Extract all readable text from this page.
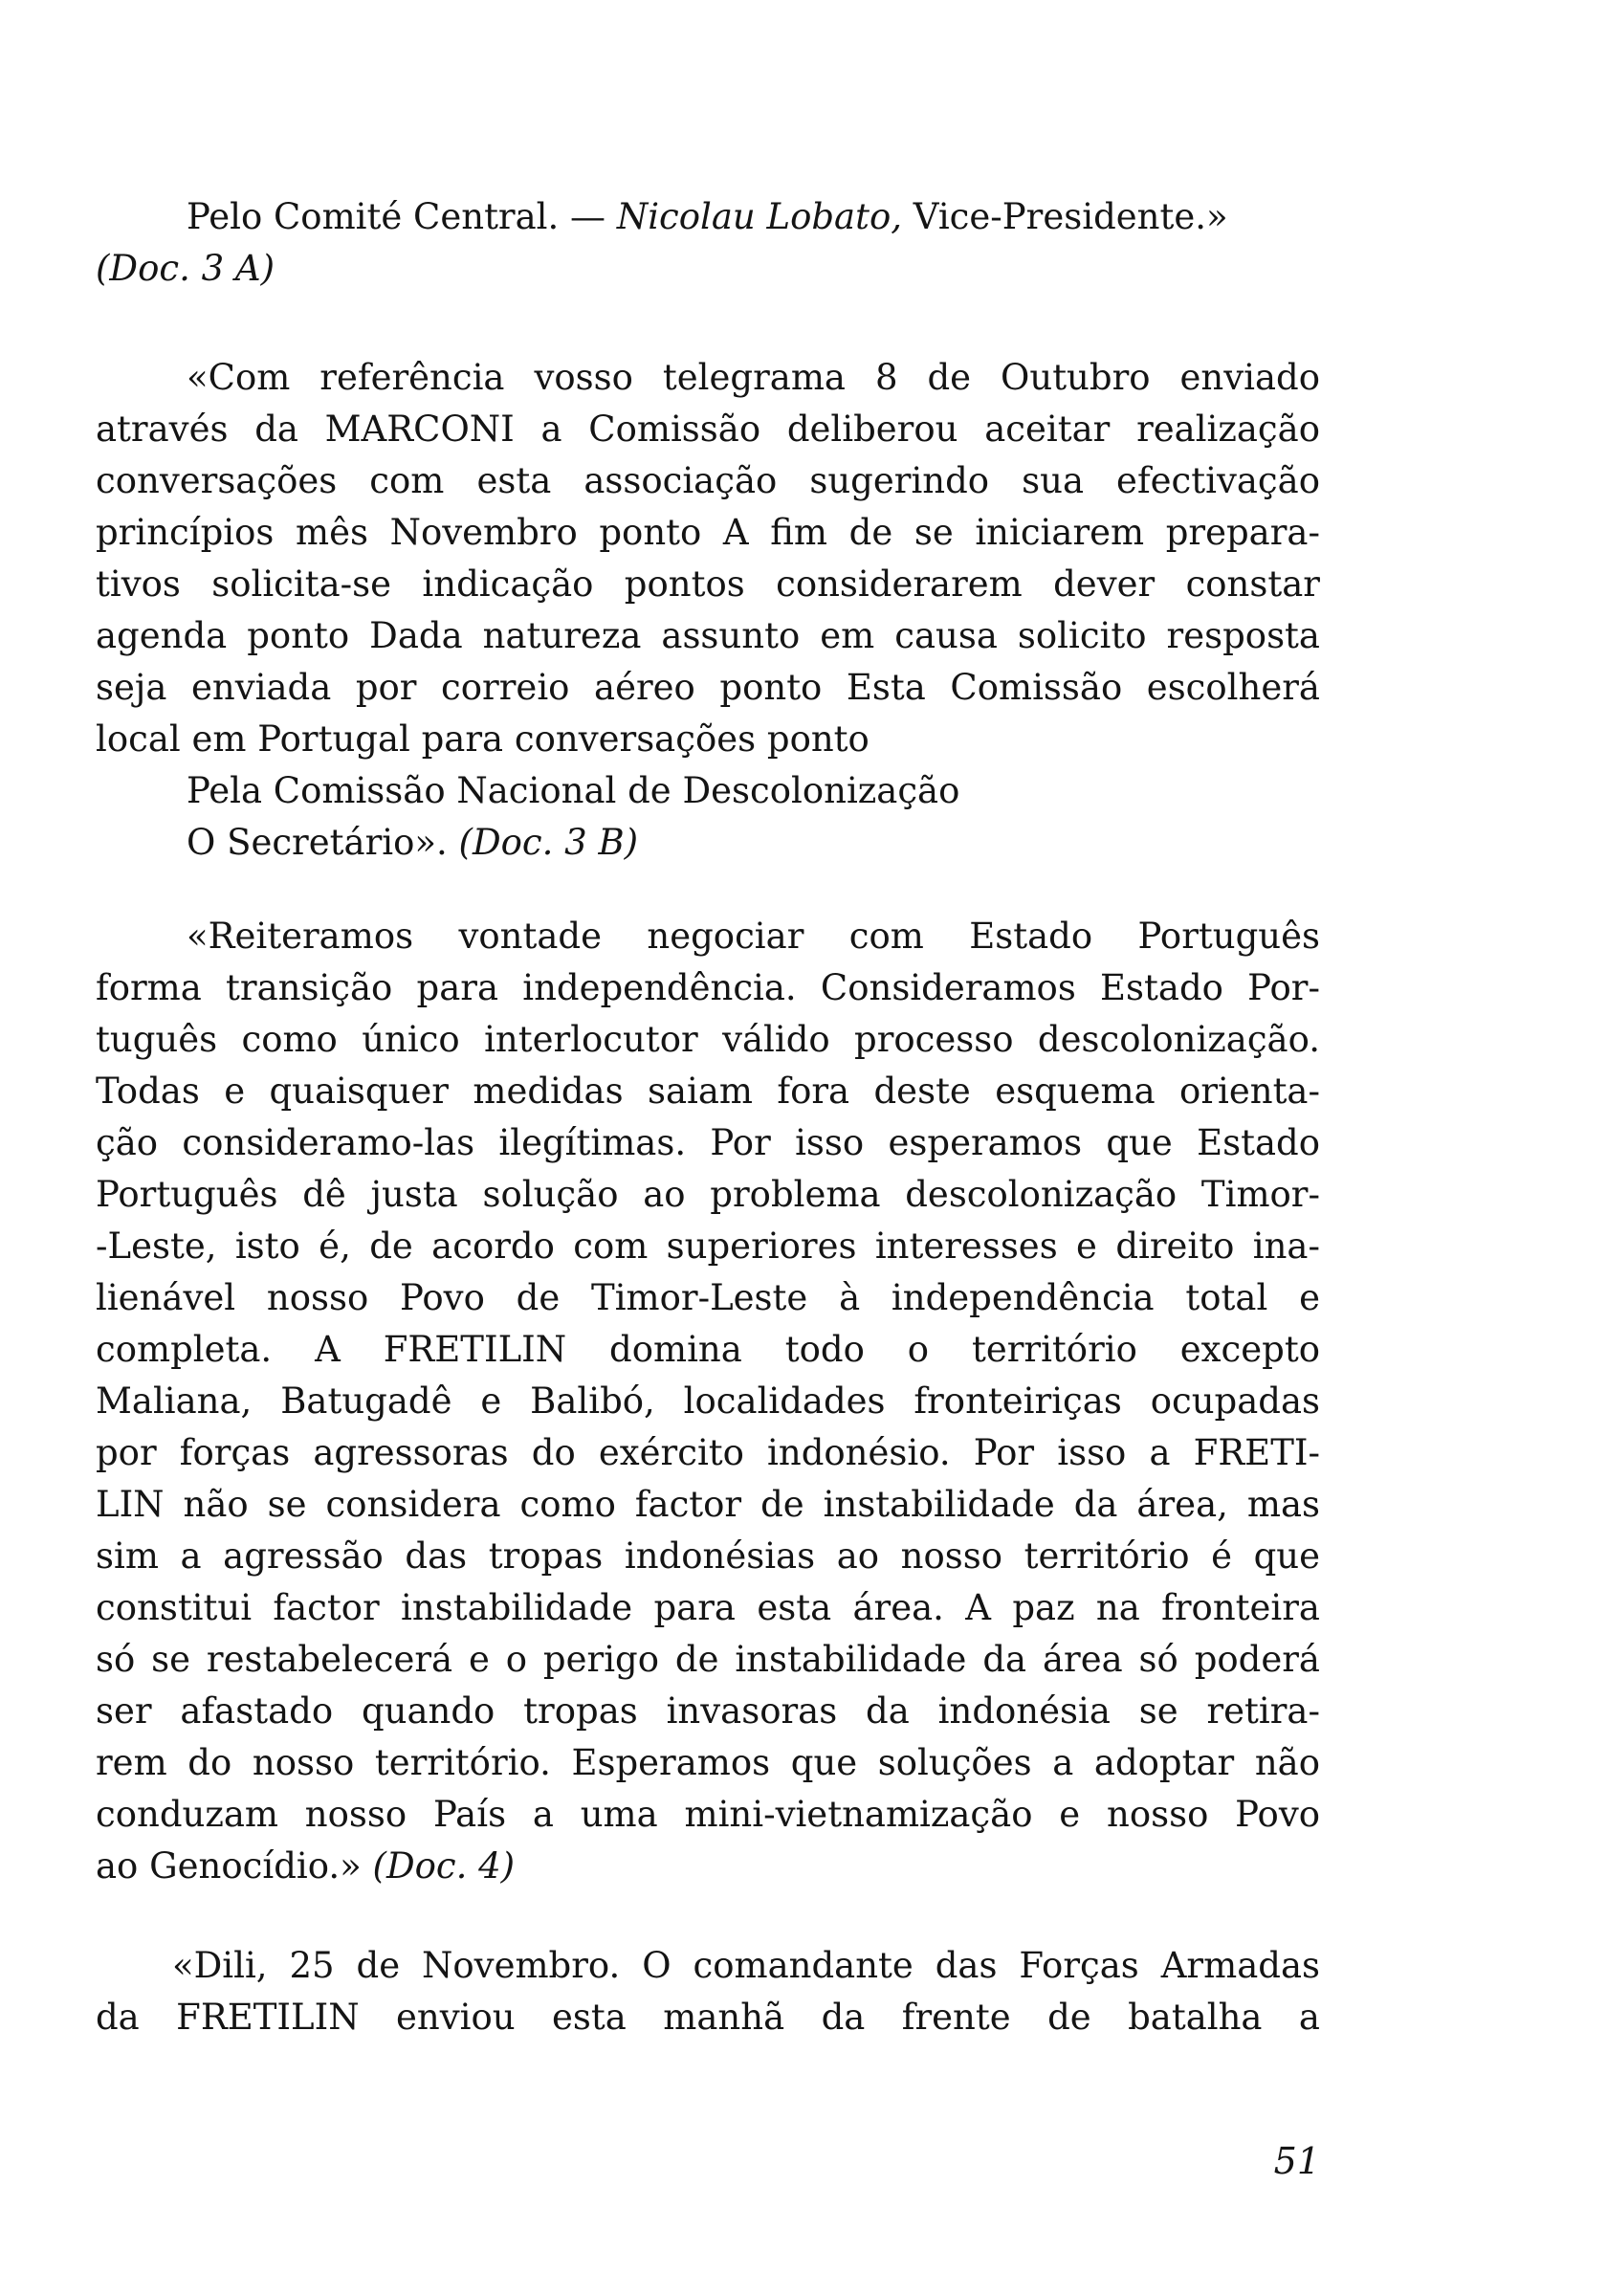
Pelo Comité Central. — Nicolau Lobato, Vice-Presidente.»
(Doc. 3 A)
«Com referência vosso telegrama 8 de Outubro enviado
através da MARCONI a Comissão deliberou aceitar realização
conversações com esta associação sugerindo sua efectivação
princípios mês Novembro ponto A fim de se iniciarem prepara-
tivos solicita-se indicação pontos considerarem dever constar
agenda ponto Dada natureza assunto em causa solicito resposta
seja enviada por correio aéreo ponto Esta Comissão escolherá
local em Portugal para conversações ponto
Pela Comissão Nacional de Descolonização
O Secretário». (Doc. 3 B)
«Reiteramos vontade negociar com Estado Português
forma transição para independência. Consideramos Estado Por-
tuguês como único interlocutor válido processo descolonização.
Todas e quaisquer medidas saiam fora deste esquema orienta-
ção consideramo-las ilegítimas. Por isso esperamos que Estado
Português dê justa solução ao problema descolonização Timor-
-Leste, isto é, de acordo com superiores interesses e direito ina-
lienável nosso Povo de Timor-Leste à independência total e
completa. A FRETILIN domina todo o território excepto
Maliana, Batugadê e Balibó, localidades fronteiriças ocupadas
por forças agressoras do exército indonésio. Por isso a FRETI-
LIN não se considera como factor de instabilidade da área, mas
sim a agressão das tropas indonésias ao nosso território é que
constitui factor instabilidade para esta área. A paz na fronteira
só se restabelecerá e o perigo de instabilidade da área só poderá
ser afastado quando tropas invasoras da indonésia se retira-
rem do nosso território. Esperamos que soluções a adoptar não
conduzam nosso País a uma mini-vietnamização e nosso Povo
ao Genocídio.» (Doc. 4)
«Dili, 25 de Novembro. O comandante das Forças Armadas
da FRETILIN enviou esta manhã da frente de batalha a
51
